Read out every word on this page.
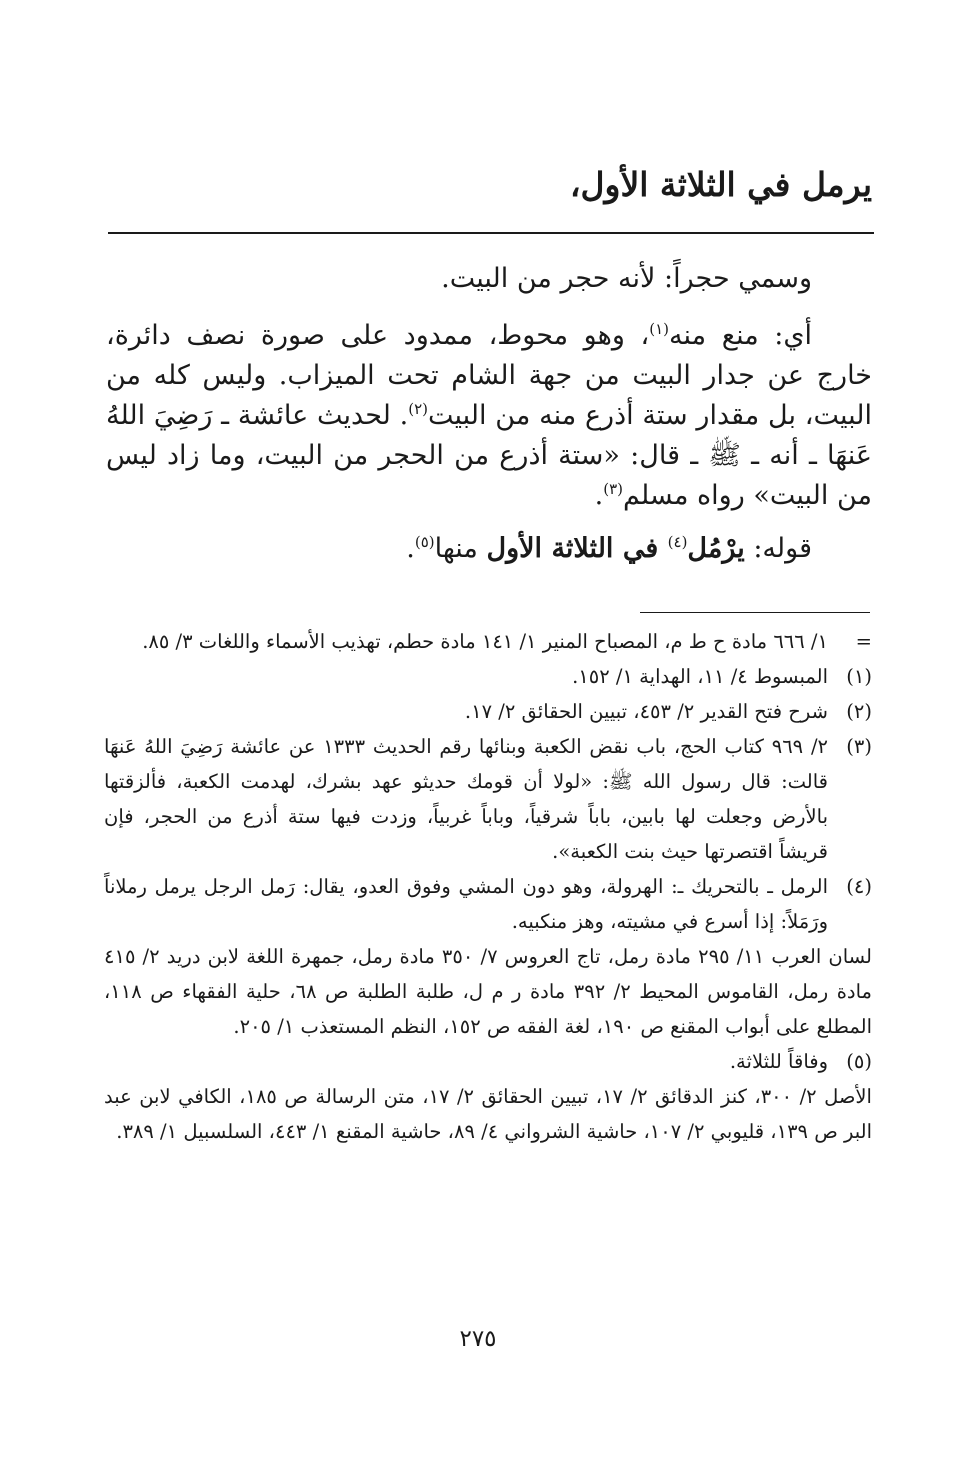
يرمل في الثلاثة الأول،

وسمي حجراً: لأنه حجر من البيت.

أي: منع منه$^{(١)}$، وهو محوط، ممدود على صورة نصف دائرة، خارج عن جدار البيت من جهة الشام تحت الميزاب. وليس كله من البيت، بل مقدار ستة أذرع منه من البيت$^{(٢)}$. لحديث عائشة ـ رَضِيَ اللهُ عَنهَا ـ أنه ـ ﷺ ـ قال: «ستة أذرع من الحجر من البيت، وما زاد ليس من البيت» رواه مسلم$^{(٣)}$.

قوله: يرْمُل$^{(٤)}$ في الثلاثة الأول منها$^{(٥)}$.

=
١/ ٦٦٦ مادة ح ط م، المصباح المنير ١/ ١٤١ مادة حطم، تهذيب الأسماء واللغات ٣/ ٨٥.
(١)
المبسوط ٤/ ١١، الهداية ١/ ١٥٢.
(٢)
شرح فتح القدير ٢/ ٤٥٣، تبيين الحقائق ٢/ ١٧.
(٣)
٢/ ٩٦٩ كتاب الحج، باب نقض الكعبة وبنائها رقم الحديث ١٣٣٣ عن عائشة رَضِيَ اللهُ عَنهَا قالت: قال رسول الله ﷺ: «لولا أن قومك حديثو عهد بشرك، لهدمت الكعبة، فألزقتها بالأرض وجعلت لها بابين، باباً شرقياً، وباباً غربياً، وزدت فيها ستة أذرع من الحجر، فإن قريشاً اقتصرتها حيث بنت الكعبة».
(٤)
الرمل ـ بالتحريك ـ: الهرولة، وهو دون المشي وفوق العدو، يقال: رَمل الرجل يرمل رملاناً ورَمَلاً: إذا أسرع في مشيته، وهز منكبيه.
لسان العرب ١١/ ٢٩٥ مادة رمل، تاج العروس ٧/ ٣٥٠ مادة رمل، جمهرة اللغة لابن دريد ٢/ ٤١٥ مادة رمل، القاموس المحيط ٢/ ٣٩٢ مادة ر م ل، طلبة الطلبة ص ٦٨، حلية الفقهاء ص ١١٨، المطلع على أبواب المقنع ص ١٩٠، لغة الفقه ص ١٥٢، النظم المستعذب ١/ ٢٠٥.
(٥)
وفاقاً للثلاثة.
الأصل ٢/ ٣٠٠، كنز الدقائق ٢/ ١٧، تبيين الحقائق ٢/ ١٧، متن الرسالة ص ١٨٥، الكافي لابن عبد البر ص ١٣٩، قليوبي ٢/ ١٠٧، حاشية الشرواني ٤/ ٨٩، حاشية المقنع ١/ ٤٤٣، السلسبيل ١/ ٣٨٩.
٢٧٥
